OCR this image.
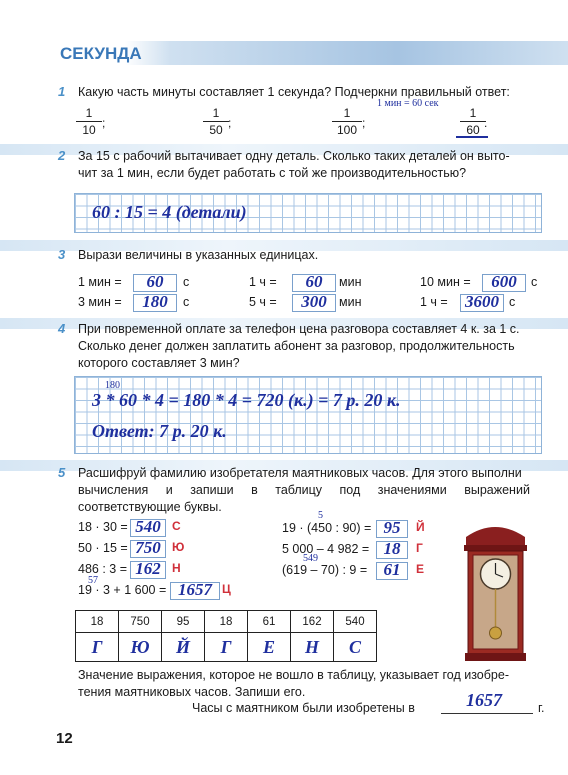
СЕКУНДА
1 Какую часть минуты составляет 1 секунда? Подчеркни правильный ответ:
1 мин = 60 сек
1
10 ;
1
50 ;
1
100 ;
1
60 .
2 За 15 с рабочий вытачивает одну деталь. Сколько таких деталей он выто-
чит за 1 мин, если будет работать с той же производительностью?
60 : 15 = 4 (детали)
3 Вырази величины в указанных единицах.
1 мин =	60	с	1 ч =	60	мин	10 мин =	600	с
3 мин =	180	с	5 ч =	300 мин	1 ч = 3600 с
4 При повременной оплате за телефон цена разговора составляет 4 к. за 1 с.
Сколько денег должен заплатить абонент за разговор, продолжительность
которого составляет 3 мин?
180
3 * 60 * 4 = 180 * 4 = 720 (к.) = 7 р. 20 к.
Ответ: 7 р. 20 к.
5 Расшифруй фамилию изобретателя маятниковых часов. Для этого выполни
вычисления и запиши в таблицу под значениями выражений
соответствующие буквы.
18 · 30 = 540 С
50 · 15 = 750 Ю
486 : 3 = 162 Н
57
19 · 3 + 1 600 = 1657 Ц
5
19 · (450 : 90) = 95	Й
5 000 – 4 982 = 18	Г
549
(619 – 70) : 9 = 61	Е
18	750	95	18	61	162	540
Г	Ю	Й	Г	Е	Н	С
Значение выражения, которое не вошло в таблицу, указывает год изобре-
тения маятниковых часов. Запиши его.
Часы с маятником были изобретены в	1657	г.
12
